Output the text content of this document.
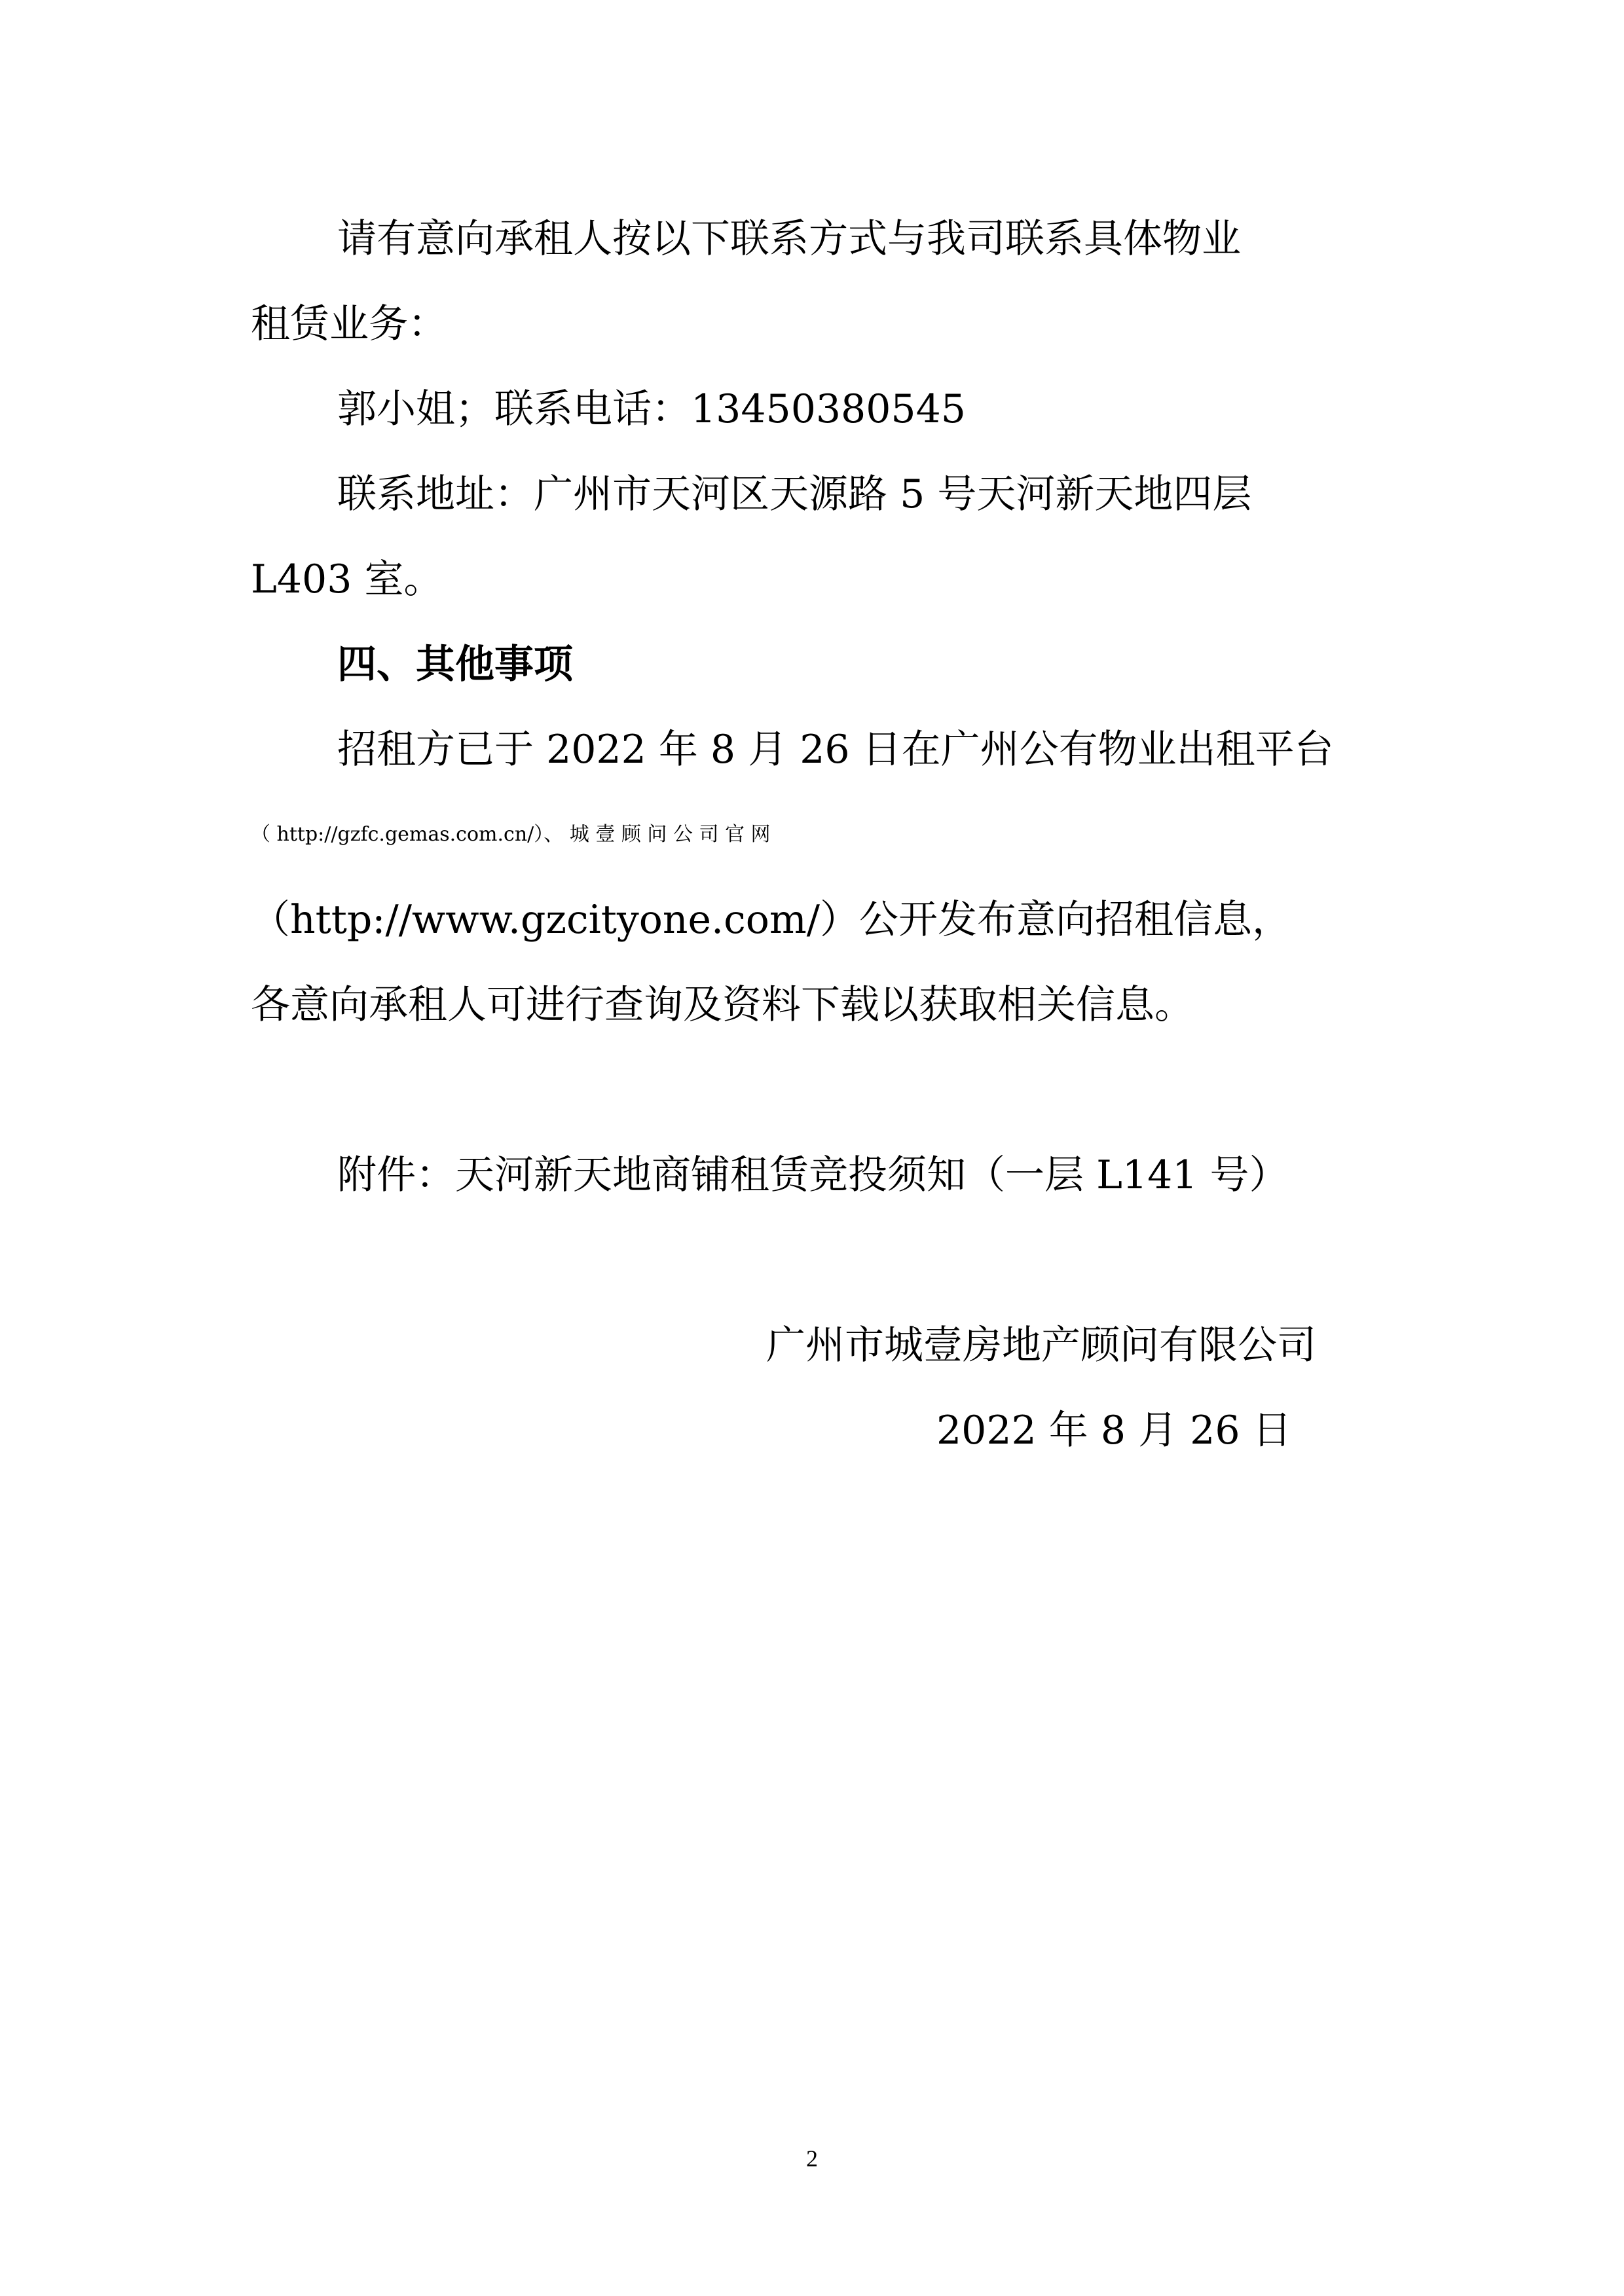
请有意向承租人按以下联系方式与我司联系具体物业
租赁业务：
郭小姐；联系电话：13450380545
联系地址：广州市天河区天源路 5 号天河新天地四层
L403 室。
四、其他事项
招租方已于 2022 年 8 月 26 日在广州公有物业出租平台
（ http://gzfc.gemas.com.cn/）、 城 壹 顾 问 公 司 官 网
（http://www.gzcityone.com/）公开发布意向招租信息，
各意向承租人可进行查询及资料下载以获取相关信息。
附件：天河新天地商铺租赁竞投须知（一层 L141 号）
广州市城壹房地产顾问有限公司
2022 年 8 月 26 日
2
